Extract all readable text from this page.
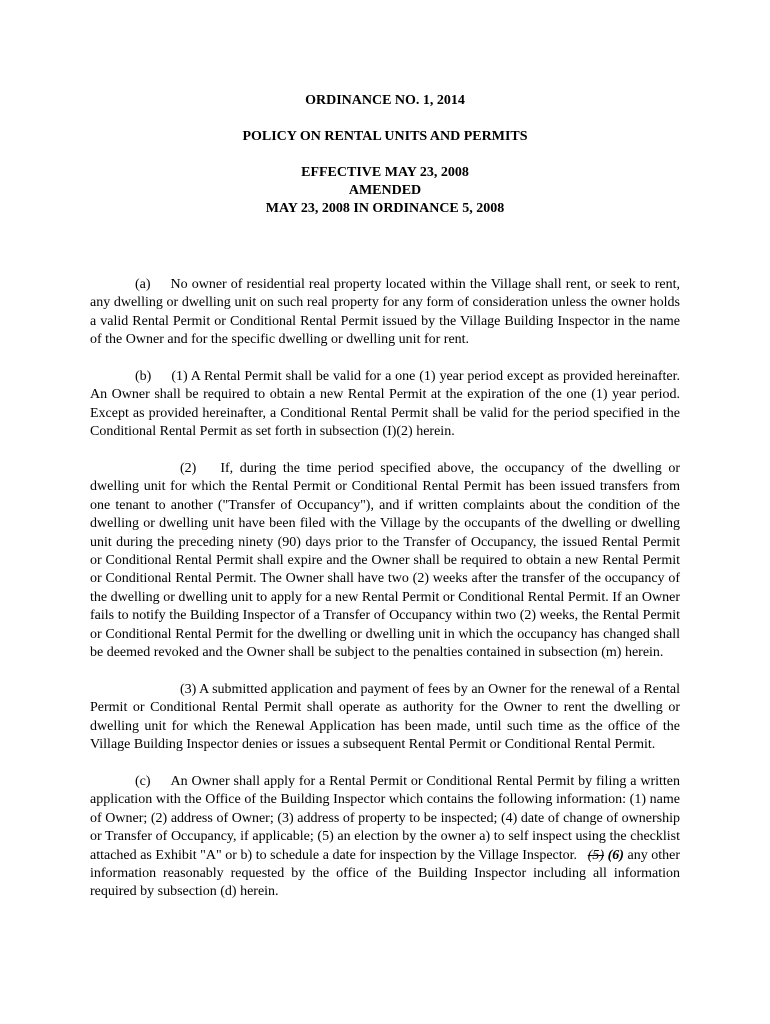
ORDINANCE NO. 1, 2014
POLICY ON RENTAL UNITS AND PERMITS
EFFECTIVE MAY 23, 2008
AMENDED
MAY 23, 2008 IN ORDINANCE 5, 2008

(a) No owner of residential real property located within the Village shall rent, or seek to rent, any dwelling or dwelling unit on such real property for any form of consideration unless the owner holds a valid Rental Permit or Conditional Rental Permit issued by the Village Building Inspector in the name of the Owner and for the specific dwelling or dwelling unit for rent.

(b) (1) A Rental Permit shall be valid for a one (1) year period except as provided hereinafter. An Owner shall be required to obtain a new Rental Permit at the expiration of the one (1) year period. Except as provided hereinafter, a Conditional Rental Permit shall be valid for the period specified in the Conditional Rental Permit as set forth in subsection (I)(2) herein.

(2) If, during the time period specified above, the occupancy of the dwelling or dwelling unit for which the Rental Permit or Conditional Rental Permit has been issued transfers from one tenant to another ("Transfer of Occupancy"), and if written complaints about the condition of the dwelling or dwelling unit have been filed with the Village by the occupants of the dwelling or dwelling unit during the preceding ninety (90) days prior to the Transfer of Occupancy, the issued Rental Permit or Conditional Rental Permit shall expire and the Owner shall be required to obtain a new Rental Permit or Conditional Rental Permit. The Owner shall have two (2) weeks after the transfer of the occupancy of the dwelling or dwelling unit to apply for a new Rental Permit or Conditional Rental Permit. If an Owner fails to notify the Building Inspector of a Transfer of Occupancy within two (2) weeks, the Rental Permit or Conditional Rental Permit for the dwelling or dwelling unit in which the occupancy has changed shall be deemed revoked and the Owner shall be subject to the penalties contained in subsection (m) herein.

(3) A submitted application and payment of fees by an Owner for the renewal of a Rental Permit or Conditional Rental Permit shall operate as authority for the Owner to rent the dwelling or dwelling unit for which the Renewal Application has been made, until such time as the office of the Village Building Inspector denies or issues a subsequent Rental Permit or Conditional Rental Permit.

(c) An Owner shall apply for a Rental Permit or Conditional Rental Permit by filing a written application with the Office of the Building Inspector which contains the following information: (1) name of Owner; (2) address of Owner; (3) address of property to be inspected; (4) date of change of ownership or Transfer of Occupancy, if applicable; (5) an election by the owner a) to self inspect using the checklist attached as Exhibit "A" or b) to schedule a date for inspection by the Village Inspector. (5) (6) any other information reasonably requested by the office of the Building Inspector including all information required by subsection (d) herein.
